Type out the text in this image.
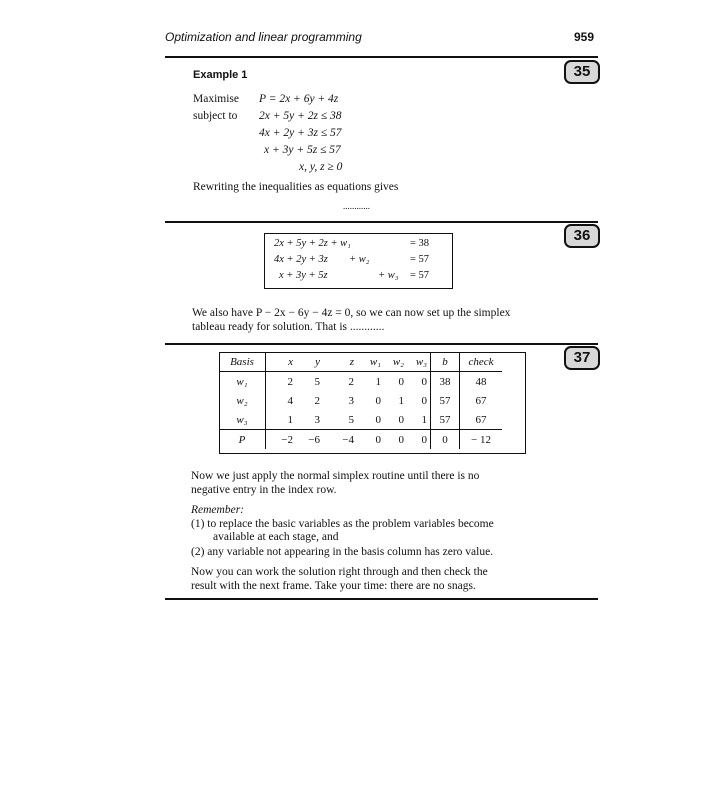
Optimization and linear programming	959
35
36
37
Example 1
Maximise P = 2x + 6y + 4z
subject to 2x + 5y + 2z ≤ 38
4x + 2y + 3z ≤ 57
x + 3y + 5z ≤ 57
x, y, z ≥ 0
Rewriting the inequalities as equations gives
............
2x + 5y + 2z + w₁	= 38
4x + 2y + 3z + w₂	= 57
x + 3y + 5z	+ w₃ = 57
We also have P − 2x − 6y − 4z = 0, so we can now set up the simplex
tableau ready for solution. That is ............
Basis	x	y	z	w₁	w₂	w₃	b	check
w₁	2	5	2	1	0	0	38	48
w₂	4	2	3	0	1	0	57	67
w₃	1	3	5	0	0	1	57	67
P	−2	−6	−4	0	0	0	0	− 12
Now we just apply the normal simplex routine until there is no
negative entry in the index row.
Remember:
(1) to replace the basic variables as the problem variables become
available at each stage, and
(2) any variable not appearing in the basis column has zero value.
Now you can work the solution right through and then check the
result with the next frame. Take your time: there are no snags.
